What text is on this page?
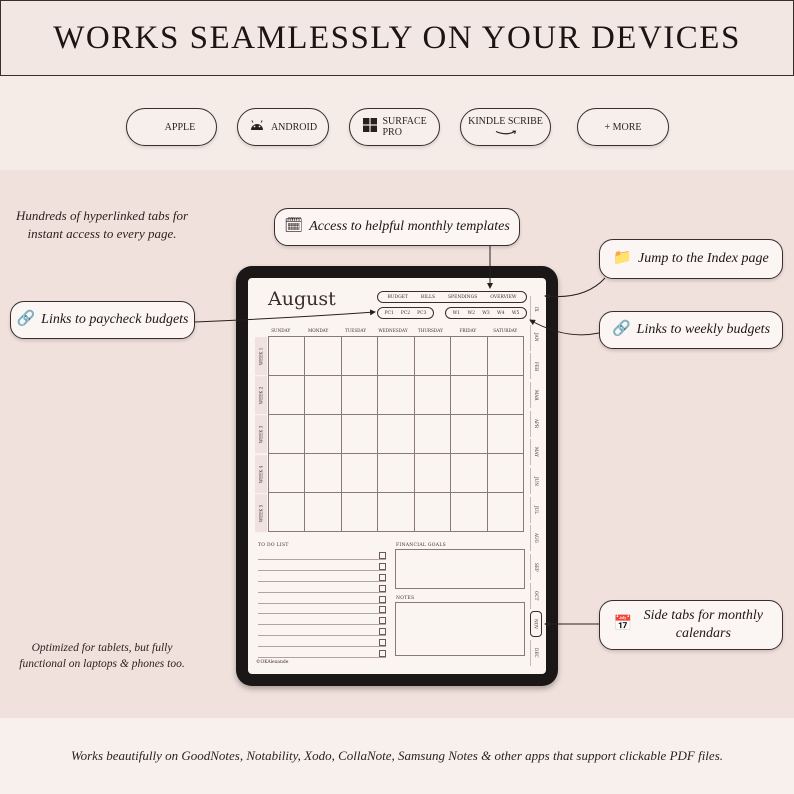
WORKS SEAMLESSLY ON YOUR DEVICES
APPLE	ANDROID	SURFACE PRO
KINDLE SCRIBE
+ MORE
Hundreds of hyperlinked tabs for instant access to every page.
Optimized for tablets, but fully functional on laptops & phones too.
🗓 Access to helpful monthly templates
📁 Jump to the Index page
🔗 Links to paycheck budgets
🔗 Links to weekly budgets
📅
Side tabs for monthly calendars
August	BUDGET	BILLS	SPENDINGS	OVERVIEW
PC1 PC2 PC3	W1 W2 W3 W4 W5
SUNDAY	MONDAY	TUESDAY	WEDNESDAY	THURSDAY	FRIDAY	SATURDAY
WEEK 1
WEEK 2
WEEK 3
WEEK 4
WEEK 5
IX
JAN
FEB
MAR
APR
MAY
JUN
JUL
AUG
SEP
OCT
NOV
DEC
TO DO LIST	FINANCIAL GOALS
NOTES
©OKAlexande

Works beautifully on GoodNotes, Notability, Xodo, CollaNote, Samsung Notes & other apps that support clickable PDF files.
